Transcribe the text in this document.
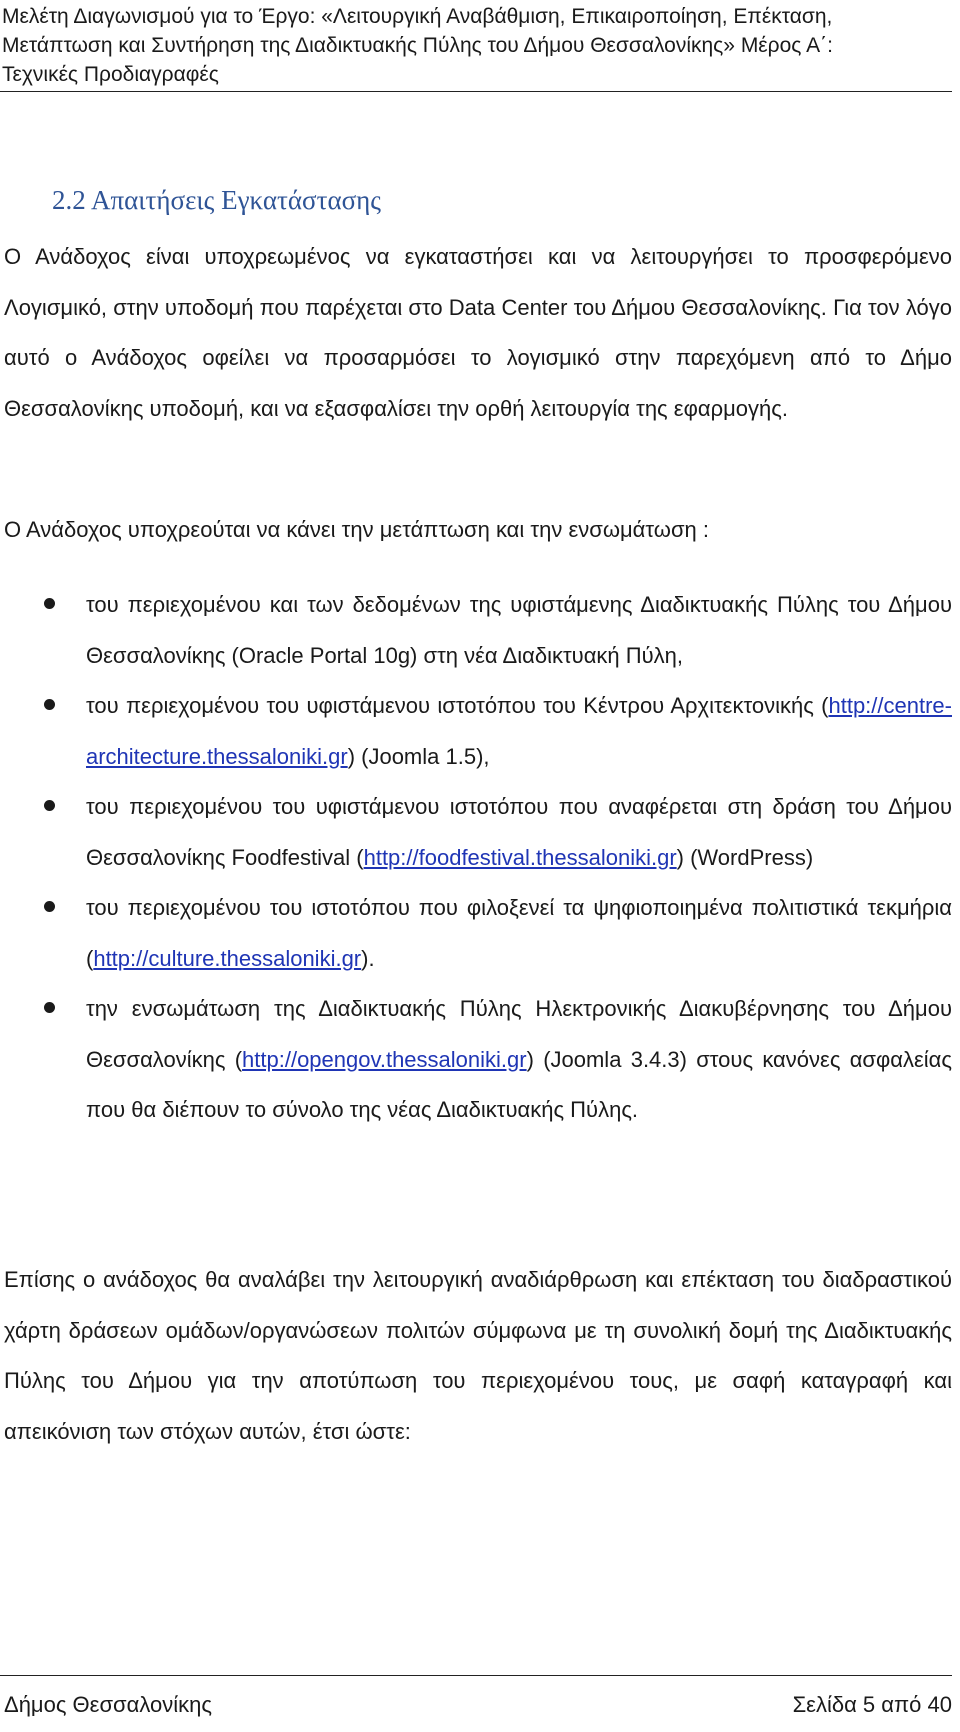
Μελέτη Διαγωνισμού για το Έργο: «Λειτουργική Αναβάθμιση, Επικαιροποίηση, Επέκταση,
Μετάπτωση και Συντήρηση της Διαδικτυακής Πύλης του Δήμου Θεσσαλονίκης» Μέρος Α΄:
Τεχνικές Προδιαγραφές
2.2 Απαιτήσεις Εγκατάστασης
Ο Ανάδοχος είναι υποχρεωμένος να εγκαταστήσει και να λειτουργήσει το προσφερόμενο Λογισμικό, στην υποδομή που παρέχεται στο Data Center του Δήμου Θεσσαλονίκης. Για τον λόγο αυτό ο Ανάδοχος οφείλει να προσαρμόσει το λογισμικό στην παρεχόμενη από το Δήμο Θεσσαλονίκης υποδομή, και να εξασφαλίσει την ορθή λειτουργία της εφαρμογής.
Ο Ανάδοχος υποχρεούται να κάνει την μετάπτωση και την ενσωμάτωση :
του περιεχομένου και των δεδομένων της υφιστάμενης Διαδικτυακής Πύλης του Δήμου Θεσσαλονίκης (Oracle Portal 10g) στη νέα Διαδικτυακή Πύλη,
του περιεχομένου του υφιστάμενου ιστοτόπου του Κέντρου Αρχιτεκτονικής (http://centre-architecture.thessaloniki.gr) (Joomla 1.5),
του περιεχομένου του υφιστάμενου ιστοτόπου που αναφέρεται στη δράση του Δήμου Θεσσαλονίκης Foodfestival (http://foodfestival.thessaloniki.gr) (WordPress)
του περιεχομένου του ιστοτόπου που φιλοξενεί τα ψηφιοποιημένα πολιτιστικά τεκμήρια (http://culture.thessaloniki.gr).
την ενσωμάτωση της Διαδικτυακής Πύλης Ηλεκτρονικής Διακυβέρνησης του Δήμου Θεσσαλονίκης (http://opengov.thessaloniki.gr) (Joomla 3.4.3) στους κανόνες ασφαλείας που θα διέπουν το σύνολο της νέας Διαδικτυακής Πύλης.
Επίσης ο ανάδοχος θα αναλάβει την λειτουργική αναδιάρθρωση και επέκταση του διαδραστικού χάρτη δράσεων ομάδων/οργανώσεων πολιτών σύμφωνα με τη συνολική δομή της Διαδικτυακής Πύλης του Δήμου για την αποτύπωση του περιεχομένου τους, με σαφή καταγραφή και απεικόνιση των στόχων αυτών, έτσι ώστε:
Δήμος Θεσσαλονίκης	Σελίδα 5 από 40
